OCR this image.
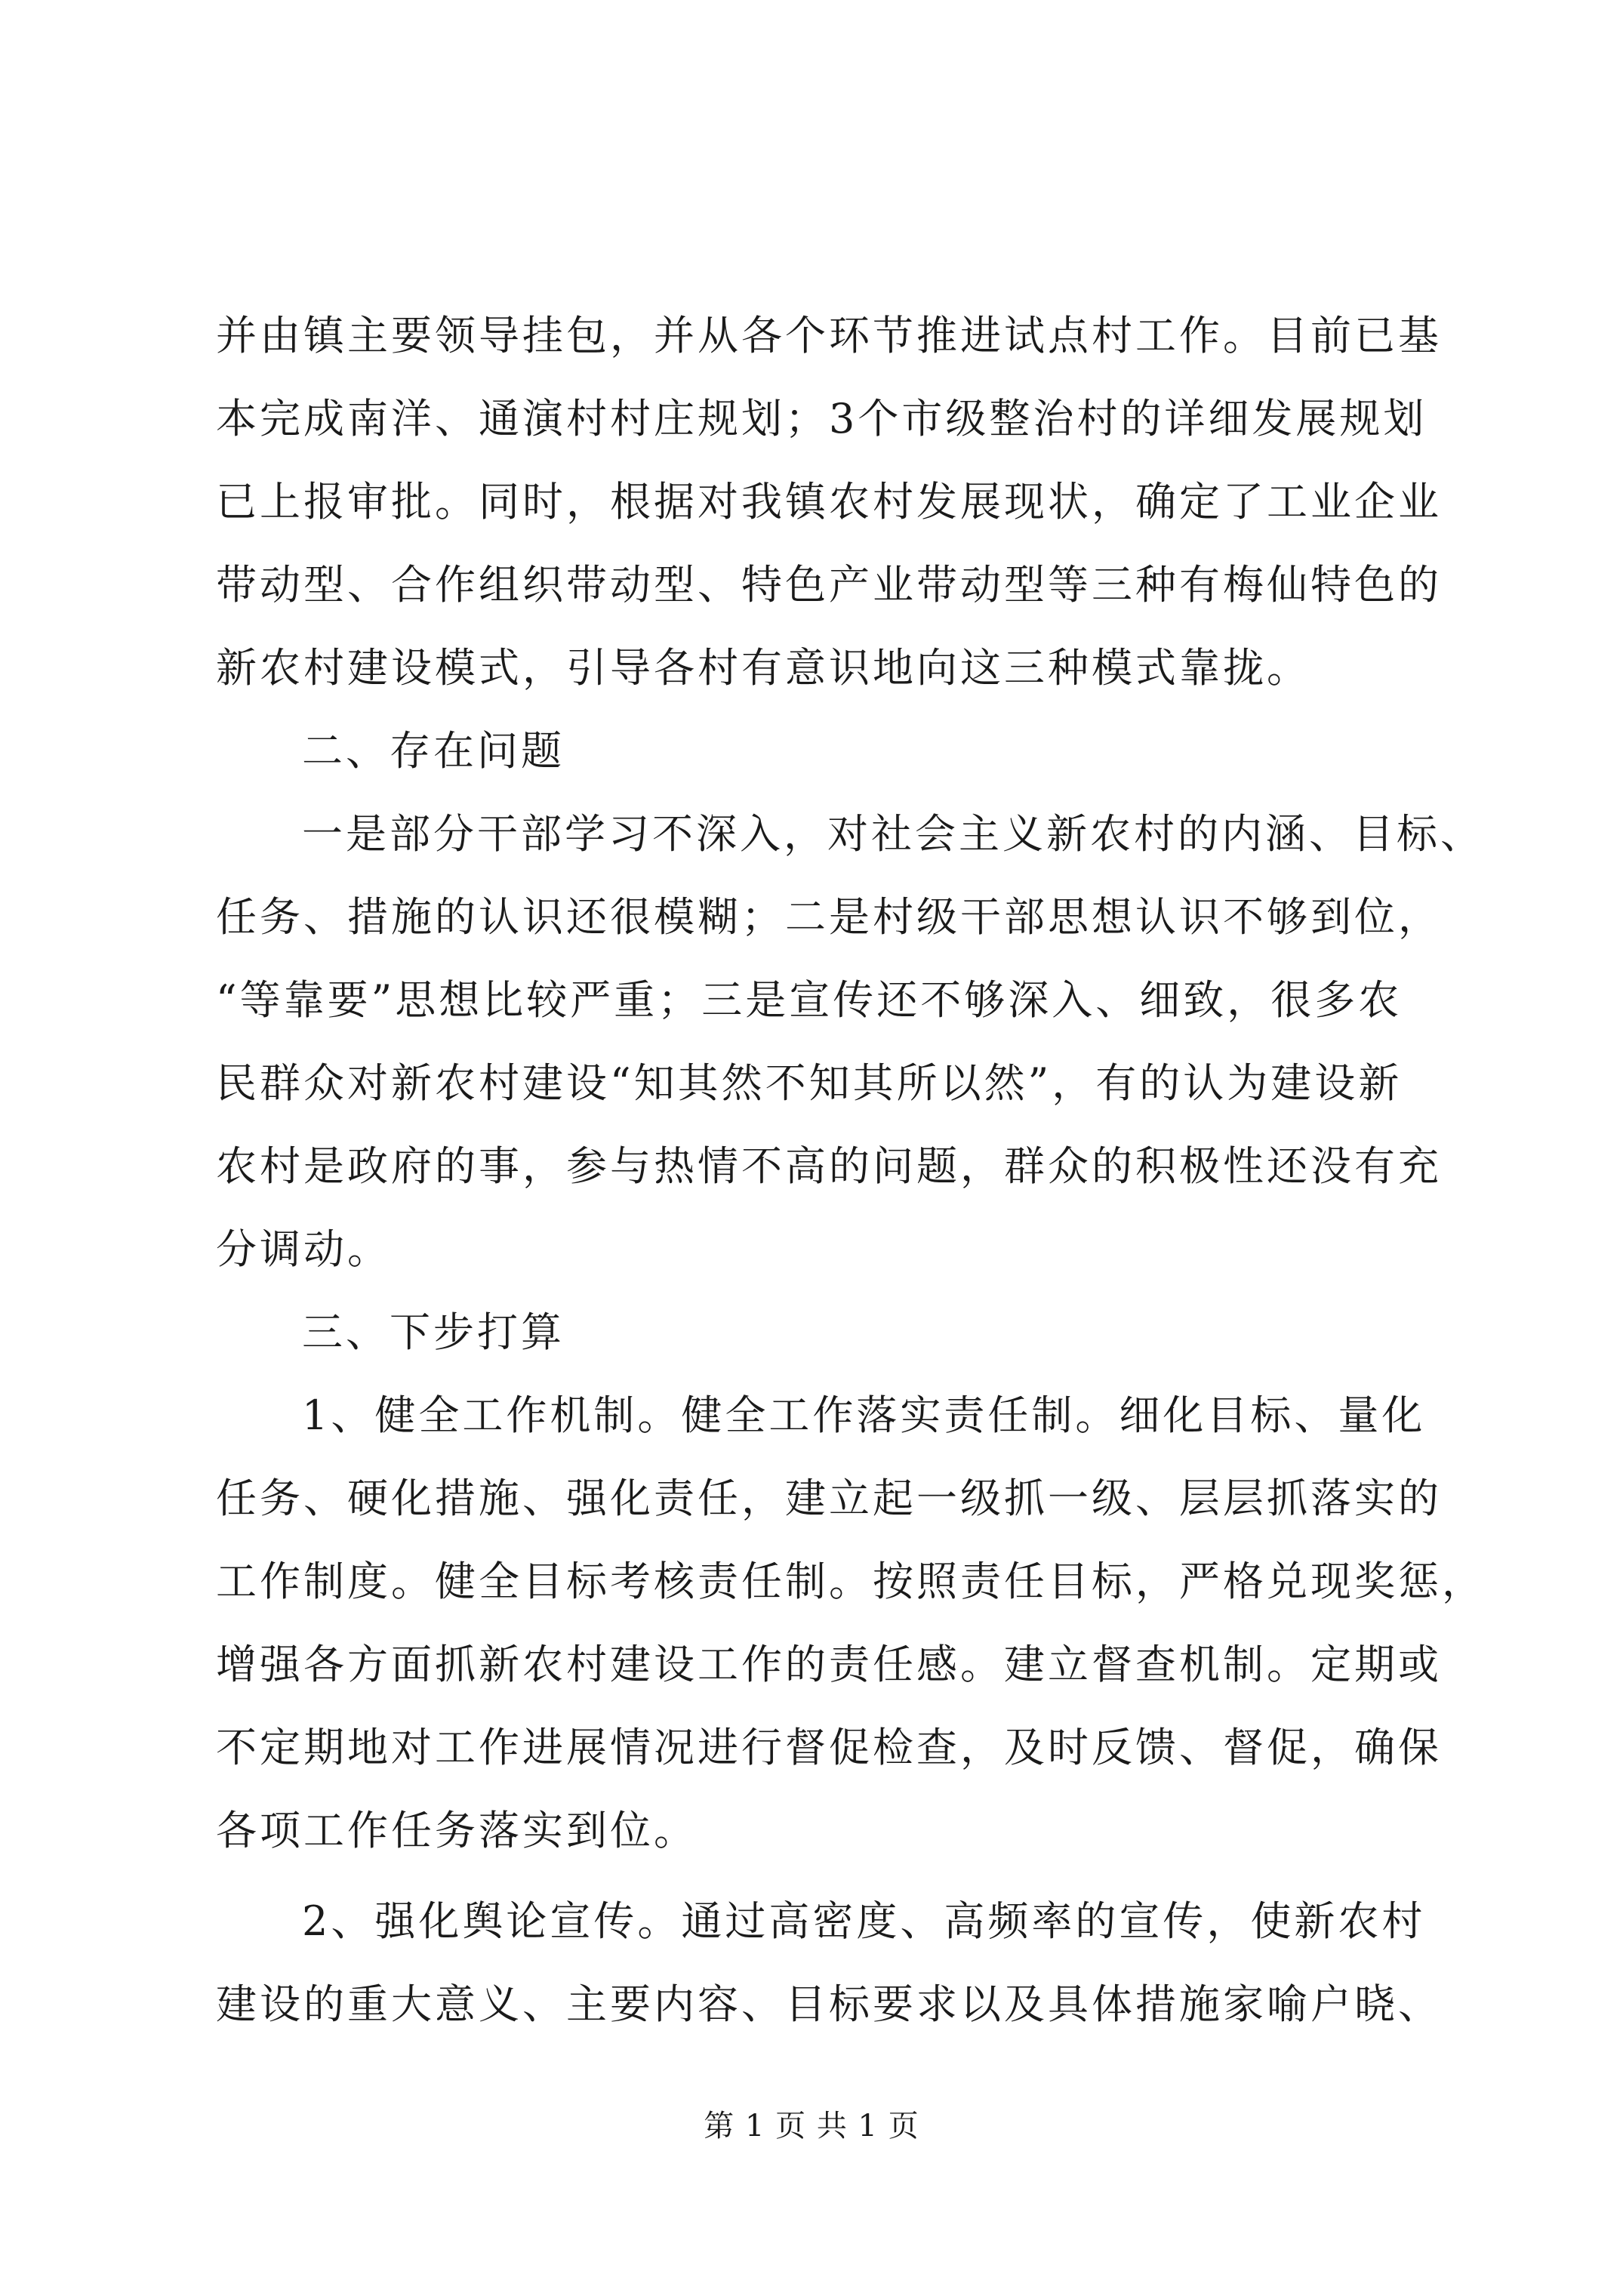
并由镇主要领导挂包，并从各个环节推进试点村工作。目前已基
本完成南洋、通演村村庄规划；3个市级整治村的详细发展规划
已上报审批。同时，根据对我镇农村发展现状，确定了工业企业
带动型、合作组织带动型、特色产业带动型等三种有梅仙特色的
新农村建设模式，引导各村有意识地向这三种模式靠拢。
二、存在问题
一是部分干部学习不深入，对社会主义新农村的内涵、目标、
任务、措施的认识还很模糊；二是村级干部思想认识不够到位，
“等靠要”思想比较严重；三是宣传还不够深入、细致，很多农
民群众对新农村建设“知其然不知其所以然”，有的认为建设新
农村是政府的事，参与热情不高的问题，群众的积极性还没有充
分调动。
三、下步打算
1、健全工作机制。健全工作落实责任制。细化目标、量化
任务、硬化措施、强化责任，建立起一级抓一级、层层抓落实的
工作制度。健全目标考核责任制。按照责任目标，严格兑现奖惩，
增强各方面抓新农村建设工作的责任感。建立督查机制。定期或
不定期地对工作进展情况进行督促检查，及时反馈、督促，确保
各项工作任务落实到位。
2、强化舆论宣传。通过高密度、高频率的宣传，使新农村
建设的重大意义、主要内容、目标要求以及具体措施家喻户晓、
第 1 页 共 1 页
